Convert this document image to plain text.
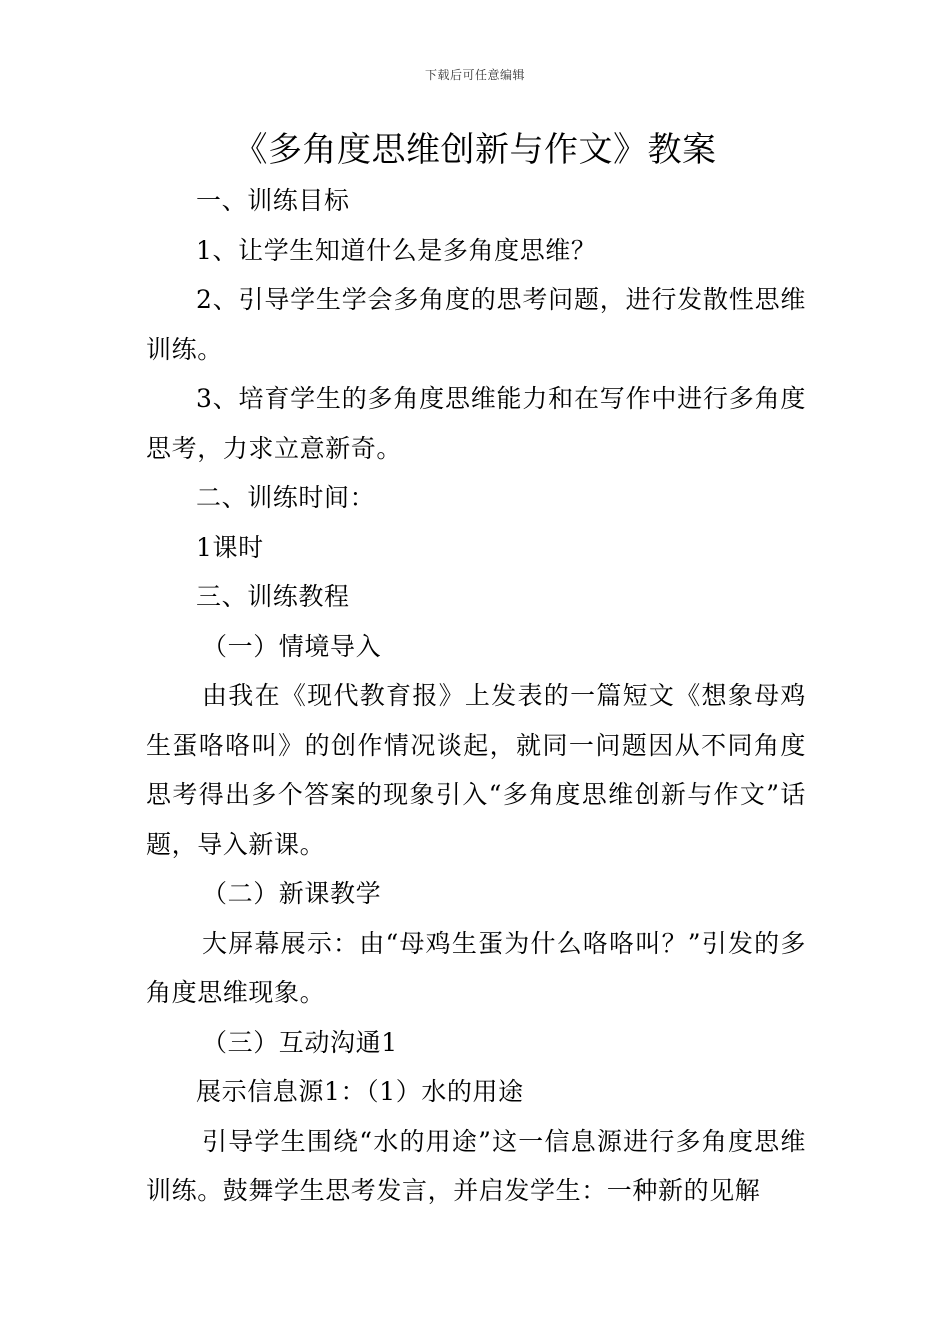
下载后可任意编辑
《多角度思维创新与作文》教案

一、训练目标

1、让学生知道什么是多角度思维？

2、引导学生学会多角度的思考问题，进行发散性思维训练。

3、培育学生的多角度思维能力和在写作中进行多角度思考，力求立意新奇。

二、训练时间：

1课时

三、训练教程

（一）情境导入

由我在《现代教育报》上发表的一篇短文《想象母鸡生蛋咯咯叫》的创作情况谈起，就同一问题因从不同角度思考得出多个答案的现象引入“多角度思维创新与作文”话题，导入新课。

（二）新课教学

大屏幕展示：由“母鸡生蛋为什么咯咯叫？”引发的多角度思维现象。

（三）互动沟通1

展示信息源1：（1）水的用途

引导学生围绕“水的用途”这一信息源进行多角度思维训练。鼓舞学生思考发言，并启发学生：一种新的见解
